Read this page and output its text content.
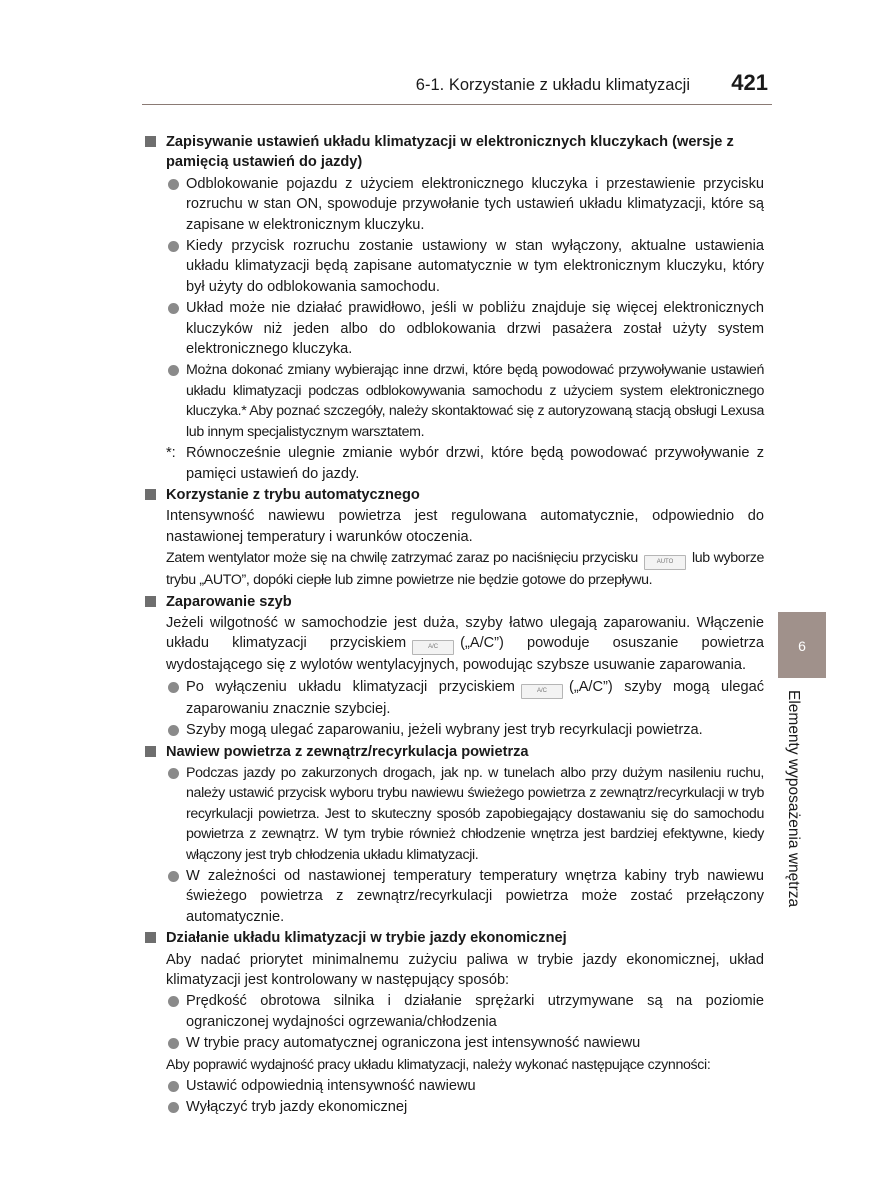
6-1. Korzystanie z układu klimatyzacji 421
6
Elementy wyposażenia wnętrza
Zapisywanie ustawień układu klimatyzacji w elektronicznych kluczykach (wersje z pamięcią ustawień do jazdy)
Odblokowanie pojazdu z użyciem elektronicznego kluczyka i przestawienie przycisku rozruchu w stan ON, spowoduje przywołanie tych ustawień układu klimatyzacji, które są zapisane w elektronicznym kluczyku.
Kiedy przycisk rozruchu zostanie ustawiony w stan wyłączony, aktualne ustawienia układu klimatyzacji będą zapisane automatycznie w tym elektronicznym kluczyku, który był użyty do odblokowania samochodu.
Układ może nie działać prawidłowo, jeśli w pobliżu znajduje się więcej elektronicznych kluczyków niż jeden albo do odblokowania drzwi pasażera został użyty system elektronicznego kluczyka.
Można dokonać zmiany wybierając inne drzwi, które będą powodować przywoływanie ustawień układu klimatyzacji podczas odblokowywania samochodu z użyciem system elektronicznego kluczyka.* Aby poznać szczegóły, należy skontaktować się z autoryzowaną stacją obsługi Lexusa lub innym specjalistycznym warsztatem.
*: Równocześnie ulegnie zmianie wybór drzwi, które będą powodować przywoływanie z pamięci ustawień do jazdy.
Korzystanie z trybu automatycznego
Intensywność nawiewu powietrza jest regulowana automatycznie, odpowiednio do nastawionej temperatury i warunków otoczenia.
Zatem wentylator może się na chwilę zatrzymać zaraz po naciśnięciu przycisku	AUTO lub wyborze trybu „AUTO”, dopóki ciepłe lub zimne powietrze nie będzie gotowe do przepływu.
Zaparowanie szyb
Jeżeli wilgotność w samochodzie jest duża, szyby łatwo ulegają zaparowaniu. Włączenie układu klimatyzacji przyciskiem	A/C („A/C”) powoduje osuszanie powietrza wydostającego się z wylotów wentylacyjnych, powodując szybsze usuwanie zaparowania.
Po wyłączeniu układu klimatyzacji przyciskiem	A/C („A/C”) szyby mogą ulegać zaparowaniu znacznie szybciej.
Szyby mogą ulegać zaparowaniu, jeżeli wybrany jest tryb recyrkulacji powietrza.
Nawiew powietrza z zewnątrz/recyrkulacja powietrza
Podczas jazdy po zakurzonych drogach, jak np. w tunelach albo przy dużym nasileniu ruchu, należy ustawić przycisk wyboru trybu nawiewu świeżego powietrza z zewnątrz/recyrkulacji w tryb recyrkulacji powietrza. Jest to skuteczny sposób zapobiegający dostawaniu się do samochodu powietrza z zewnątrz. W tym trybie również chłodzenie wnętrza jest bardziej efektywne, kiedy włączony jest tryb chłodzenia układu klimatyzacji.
W zależności od nastawionej temperatury temperatury wnętrza kabiny tryb nawiewu świeżego powietrza z zewnątrz/recyrkulacji powietrza może zostać przełączony automatycznie.
Działanie układu klimatyzacji w trybie jazdy ekonomicznej
Aby nadać priorytet minimalnemu zużyciu paliwa w trybie jazdy ekonomicznej, układ klimatyzacji jest kontrolowany w następujący sposób:
Prędkość obrotowa silnika i działanie sprężarki utrzymywane są na poziomie ograniczonej wydajności ogrzewania/chłodzenia
W trybie pracy automatycznej ograniczona jest intensywność nawiewu
Aby poprawić wydajność pracy układu klimatyzacji, należy wykonać następujące czynności:
Ustawić odpowiednią intensywność nawiewu
Wyłączyć tryb jazdy ekonomicznej
